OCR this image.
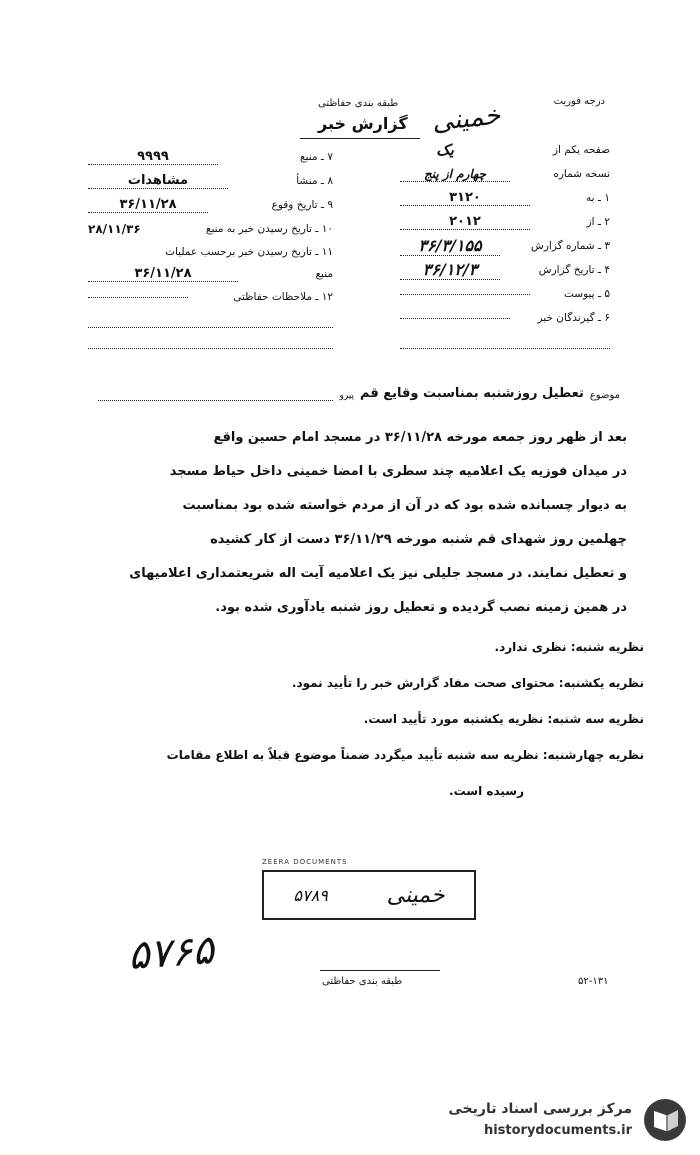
درجه فوریت
طبقه بندی حفاظتی
گزارش خبر خمینی
۷ ـ منبع
۹۹۹۹
۸ ـ منشأ
مشاهدات
۹ ـ تاریخ وقوع
۳۶/۱۱/۲۸
۱۰ ـ تاریخ رسیدن خبر به منبع
۲۸/۱۱/۳۶
۱۱ ـ تاریخ رسیدن خبر برحسب عملیات
منبع
۳۶/۱۱/۲۸
۱۲ ـ ملاحظات حفاظتی
صفحه یکم از
یک
نسخه شماره
چهارم از پنج
۱ ـ به
۳۱۲۰
۲ ـ از
۲۰۱۲
۳ ـ شماره گزارش
۳۶/۳/۱۵۵
۴ ـ تاریخ گزارش
۳۶/۱۲/۳
۵ ـ پیوست
۶ ـ گیرندگان خبر
موضوع
تعطیل روزشنبه بمناسبت وقایع قم
پیرو
بعد از ظهر روز جمعه مورخه ۳۶/۱۱/۲۸ در مسجد امام حسین واقع
در میدان فوزیه یک اعلامیه چند سطری با امضا خمینی داخل حیاط مسجد
به دیوار چسبانده شده بود که در آن از مردم خواسته شده بود بمناسبت
چهلمین روز شهدای قم شنبه مورخه ۳۶/۱۱/۲۹ دست از کار کشیده
و تعطیل نمایند. در مسجد جلیلی نیز یک اعلامیه آیت اله شریعتمداری اعلامیهای
در همین زمینه نصب گردیده و تعطیل روز شنبه یادآوری شده بود.
نظریه شنبه: نظری ندارد.
نظریه یکشنبه: محتوای صحت مفاد گزارش خبر را تأیید نمود.
نظریه سه شنبه: نظریه یکشنبه مورد تأیید است.
نظریه چهارشنبه: نظریه سه شنبه تأیید میگردد ضمناً موضوع قبلاً به اطلاع مقامات
رسیده است.
ZEERA DOCUMENTS
۵۷۸۹	خمینی
۵۷۶۵
طبقه بندی حفاظتی	۵۲-۱۳۱
مرکز بررسی اسناد تاریخی
historydocuments.ir
